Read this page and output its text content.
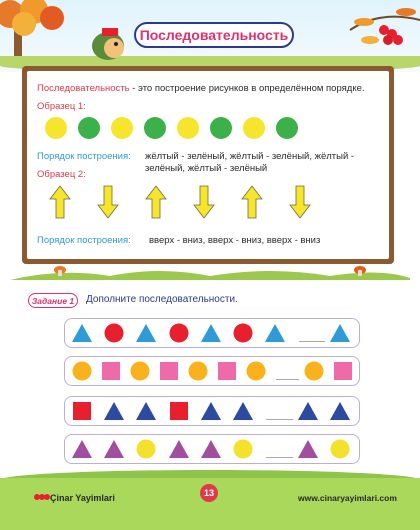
Последовательность
Последовательность - это построение рисунков в определённом порядке.
Образец 1:
Порядок построения: жёлтый - зелёный, жёлтый - зелёный, жёлтый -
зелёный, жёлтый - зелёный
Образец 2:
Порядок построения: вверх - вниз, вверх - вниз, вверх - вниз
Задание 1 Дополните последовательности.
Çinar Yayimlari	13	www.cinaryayimlari.com
